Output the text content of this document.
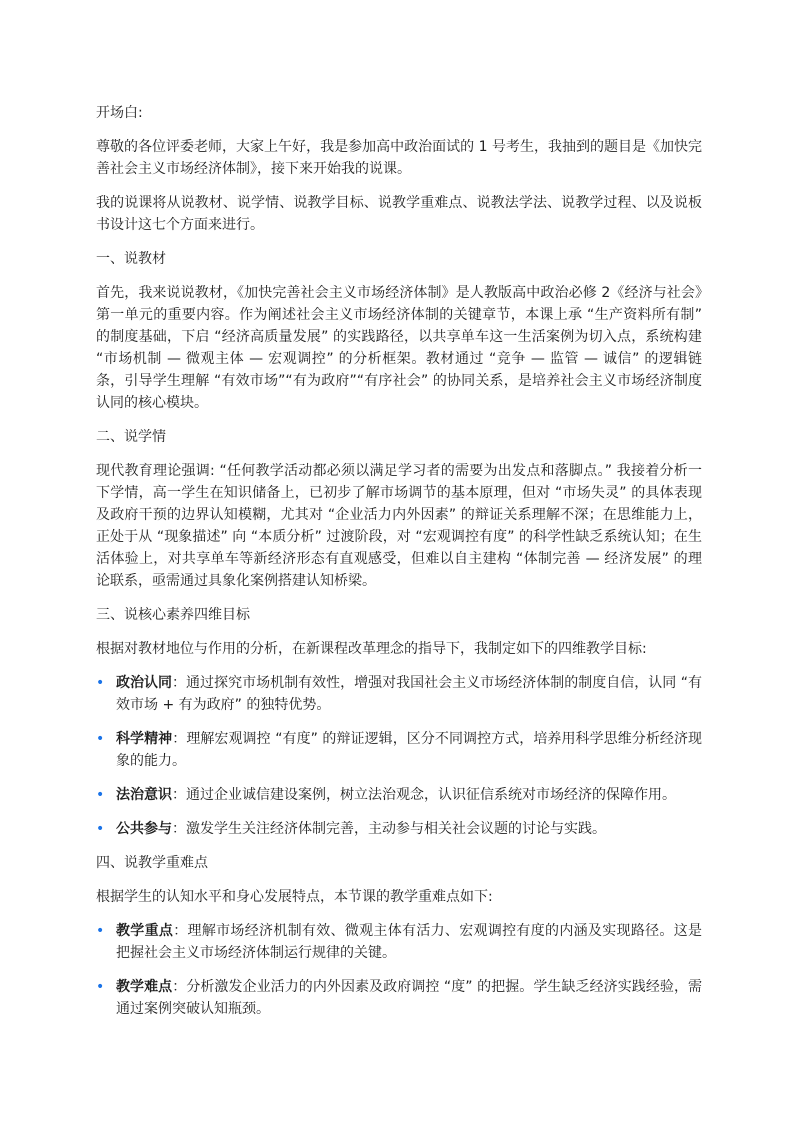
开场白:

尊敬的各位评委老师，大家上午好，我是参加高中政治面试的 1 号考生，我抽到的题目是《加快完善社会主义市场经济体制》，接下来开始我的说课。

我的说课将从说教材、说学情、说教学目标、说教学重难点、说教法学法、说教学过程、以及说板书设计这七个方面来进行。

一、说教材

首先，我来说说教材，《加快完善社会主义市场经济体制》是人教版高中政治必修 2《经济与社会》第一单元的重要内容。作为阐述社会主义市场经济体制的关键章节，本课上承 “生产资料所有制” 的制度基础，下启 “经济高质量发展” 的实践路径，以共享单车这一生活案例为切入点，系统构建 “市场机制 — 微观主体 — 宏观调控” 的分析框架。教材通过 “竞争 — 监管 — 诚信” 的逻辑链条，引导学生理解 “有效市场”“有为政府”“有序社会” 的协同关系，是培养社会主义市场经济制度认同的核心模块。

二、说学情

现代教育理论强调: “任何教学活动都必须以满足学习者的需要为出发点和落脚点。” 我接着分析一下学情，高一学生在知识储备上，已初步了解市场调节的基本原理，但对 “市场失灵” 的具体表现及政府干预的边界认知模糊，尤其对 “企业活力内外因素” 的辩证关系理解不深；在思维能力上，正处于从 “现象描述” 向 “本质分析” 过渡阶段，对 “宏观调控有度” 的科学性缺乏系统认知；在生活体验上，对共享单车等新经济形态有直观感受，但难以自主建构 “体制完善 — 经济发展” 的理论联系，亟需通过具象化案例搭建认知桥梁。

三、说核心素养四维目标

根据对教材地位与作用的分析，在新课程改革理念的指导下，我制定如下的四维教学目标:

• 政治认同：通过探究市场机制有效性，增强对我国社会主义市场经济体制的制度自信，认同 “有效市场 + 有为政府” 的独特优势。
• 科学精神：理解宏观调控 “有度” 的辩证逻辑，区分不同调控方式，培养用科学思维分析经济现象的能力。
• 法治意识：通过企业诚信建设案例，树立法治观念，认识征信系统对市场经济的保障作用。
• 公共参与：激发学生关注经济体制完善，主动参与相关社会议题的讨论与实践。

四、说教学重难点

根据学生的认知水平和身心发展特点，本节课的教学重难点如下:

• 教学重点：理解市场经济机制有效、微观主体有活力、宏观调控有度的内涵及实现路径。这是把握社会主义市场经济体制运行规律的关键。
• 教学难点：分析激发企业活力的内外因素及政府调控 “度” 的把握。学生缺乏经济实践经验，需通过案例突破认知瓶颈。
